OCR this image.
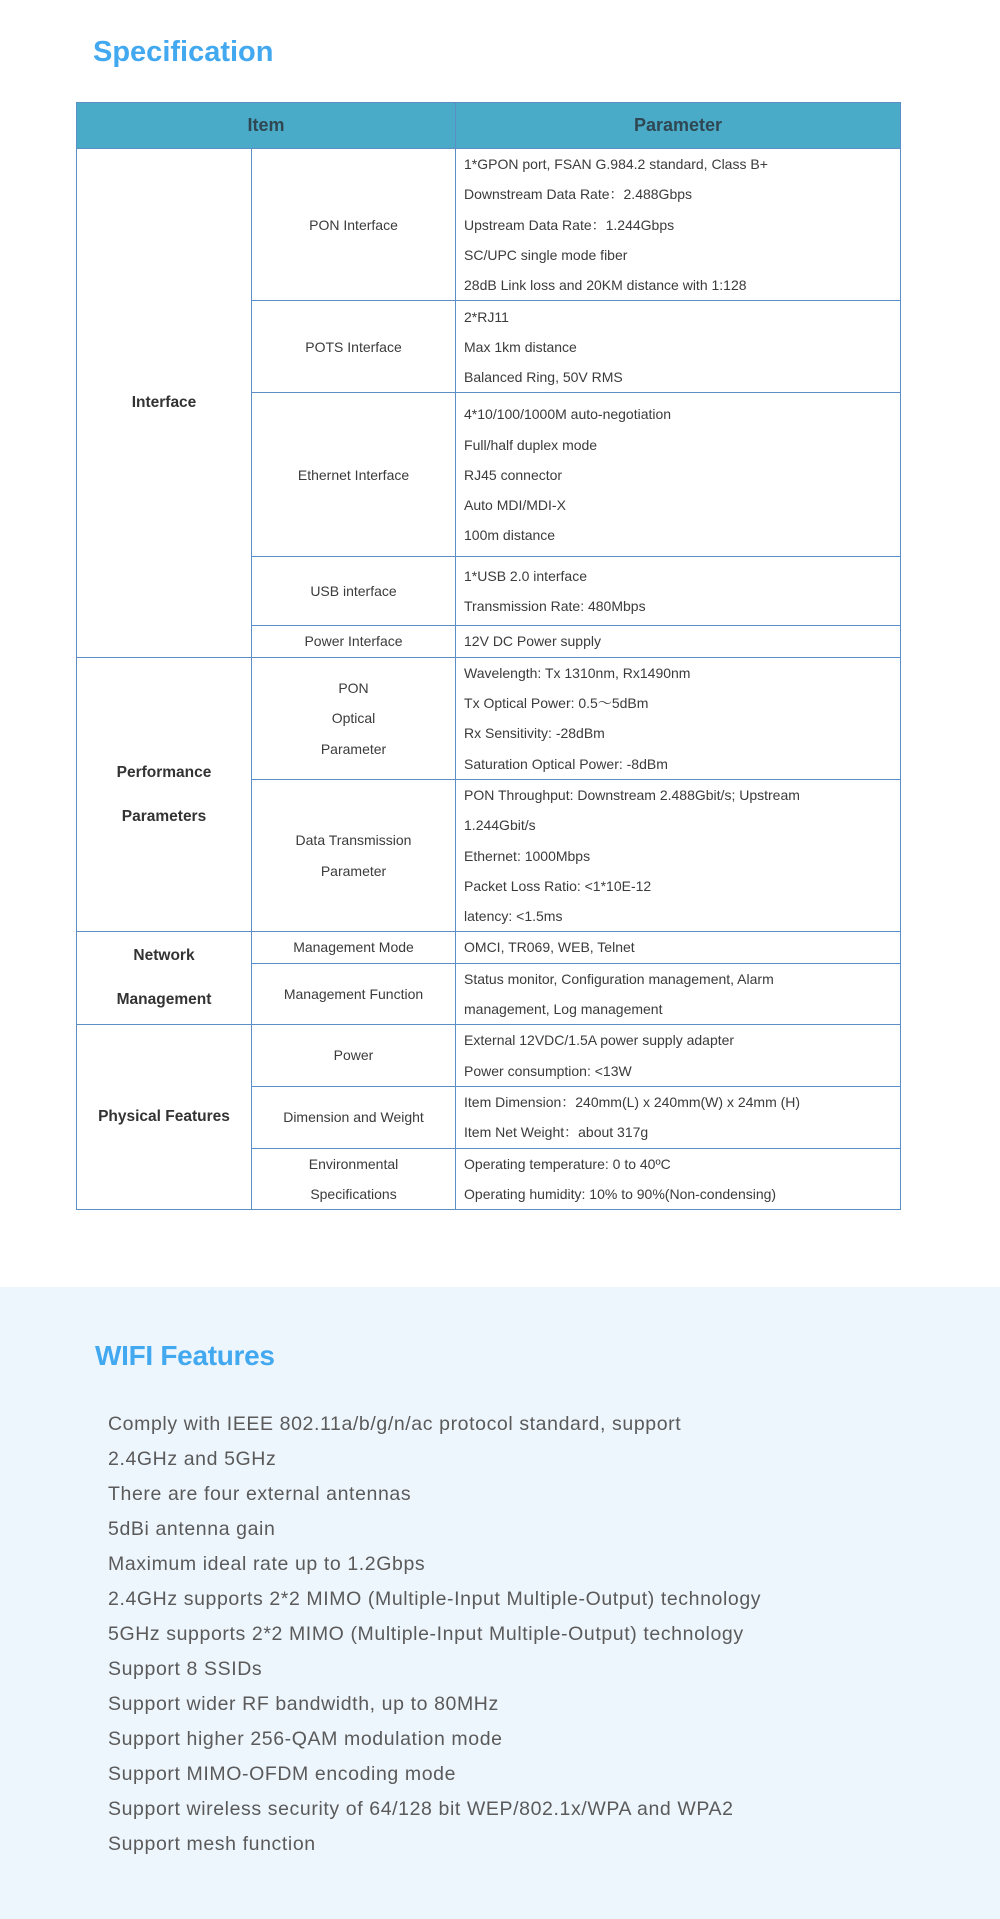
Specification
Item		Parameter
Interface	PON Interface	1*GPON port, FSAN G.984.2 standard, Class B+
Downstream Data Rate：2.488Gbps
Upstream Data Rate：1.244Gbps
SC/UPC single mode fiber
28dB Link loss and 20KM distance with 1:128

	POTS Interface	2*RJ11
Max 1km distance
Balanced Ring, 50V RMS

	Ethernet Interface	4*10/100/1000M auto-negotiation
Full/half duplex mode
RJ45 connector
Auto MDI/MDI-X
100m distance

	USB interface	1*USB 2.0 interface
Transmission Rate: 480Mbps

	Power Interface	12V DC Power supply

Performance
Parameters	PON
Optical
Parameter	Wavelength: Tx 1310nm, Rx1490nm
Tx Optical Power: 0.5～5dBm
Rx Sensitivity: -28dBm
Saturation Optical Power: -8dBm

	Data Transmission
Parameter	PON Throughput: Downstream 2.488Gbit/s; Upstream
1.244Gbit/s
Ethernet: 1000Mbps
Packet Loss Ratio: <1*10E-12
latency: <1.5ms

Network
Management	Management Mode	OMCI, TR069, WEB, Telnet

	Management Function	Status monitor, Configuration management, Alarm
management, Log management

Physical Features	Power	External 12VDC/1.5A power supply adapter
Power consumption: <13W

	Dimension and Weight	Item Dimension：240mm(L) x 240mm(W) x 24mm (H)
Item Net Weight：about 317g

	Environmental
Specifications	Operating temperature: 0 to 40ºC
Operating humidity: 10% to 90%(Non-condensing)
WIFI Features
Comply with IEEE 802.11a/b/g/n/ac protocol standard, support
2.4GHz and 5GHz
There are four external antennas
5dBi antenna gain
Maximum ideal rate up to 1.2Gbps
2.4GHz supports 2*2 MIMO (Multiple-Input Multiple-Output) technology
5GHz supports 2*2 MIMO (Multiple-Input Multiple-Output) technology
Support 8 SSIDs
Support wider RF bandwidth, up to 80MHz
Support higher 256-QAM modulation mode
Support MIMO-OFDM encoding mode
Support wireless security of 64/128 bit WEP/802.1x/WPA and WPA2
Support mesh function
